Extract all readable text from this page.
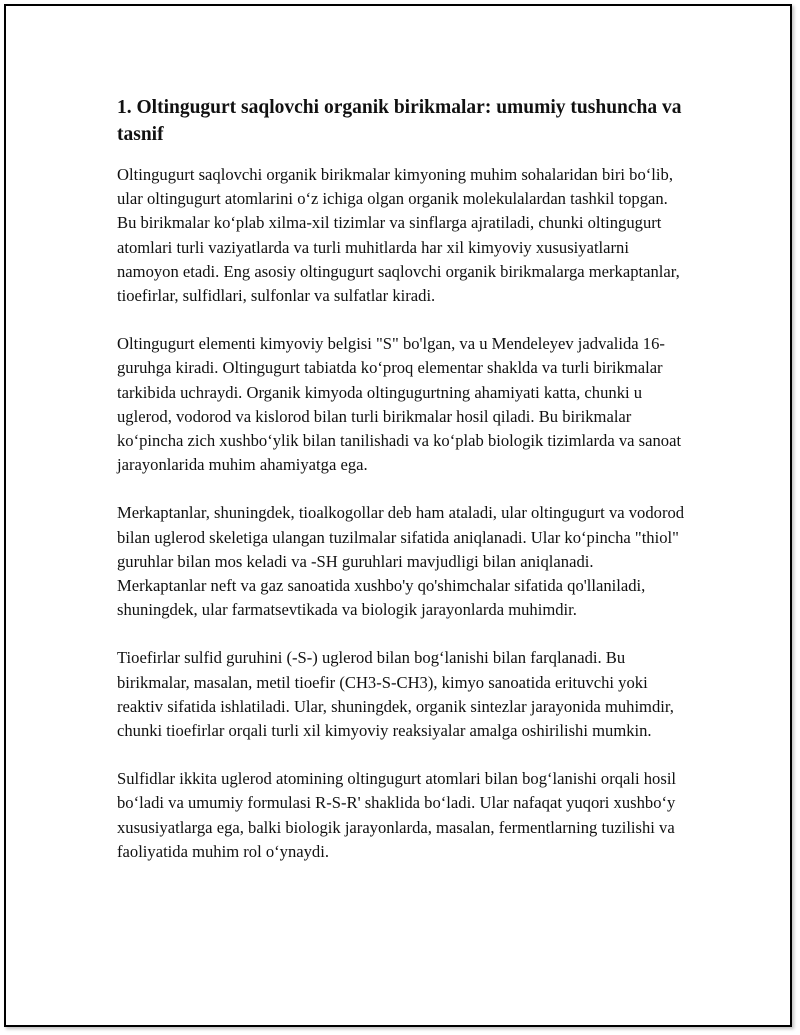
1. Oltingugurt saqlovchi organik birikmalar: umumiy tushuncha va tasnif

Oltingugurt saqlovchi organik birikmalar kimyoning muhim sohalaridan biri bo‘lib, ular oltingugurt atomlarini o‘z ichiga olgan organik molekulalardan tashkil topgan. Bu birikmalar ko‘plab xilma-xil tizimlar va sinflarga ajratiladi, chunki oltingugurt atomlari turli vaziyatlarda va turli muhitlarda har xil kimyoviy xususiyatlarni namoyon etadi. Eng asosiy oltingugurt saqlovchi organik birikmalarga merkaptanlar, tioefirlar, sulfidlari, sulfonlar va sulfatlar kiradi.

Oltingugurt elementi kimyoviy belgisi "S" bo'lgan, va u Mendeleyev jadvalida 16-guruhga kiradi. Oltingugurt tabiatda ko‘proq elementar shaklda va turli birikmalar tarkibida uchraydi. Organik kimyoda oltingugurtning ahamiyati katta, chunki u uglerod, vodorod va kislorod bilan turli birikmalar hosil qiladi. Bu birikmalar ko‘pincha zich xushbo‘ylik bilan tanilishadi va ko‘plab biologik tizimlarda va sanoat jarayonlarida muhim ahamiyatga ega.

Merkaptanlar, shuningdek, tioalkogollar deb ham ataladi, ular oltingugurt va vodorod bilan uglerod skeletiga ulangan tuzilmalar sifatida aniqlanadi. Ular ko‘pincha "thiol" guruhlar bilan mos keladi va -SH guruhlari mavjudligi bilan aniqlanadi. Merkaptanlar neft va gaz sanoatida xushbo'y qo'shimchalar sifatida qo'llaniladi, shuningdek, ular farmatsevtikada va biologik jarayonlarda muhimdir.

Tioefirlar sulfid guruhini (-S-) uglerod bilan bog‘lanishi bilan farqlanadi. Bu birikmalar, masalan, metil tioefir (CH3-S-CH3), kimyo sanoatida erituvchi yoki reaktiv sifatida ishlatiladi. Ular, shuningdek, organik sintezlar jarayonida muhimdir, chunki tioefirlar orqali turli xil kimyoviy reaksiyalar amalga oshirilishi mumkin.

Sulfidlar ikkita uglerod atomining oltingugurt atomlari bilan bog‘lanishi orqali hosil bo‘ladi va umumiy formulasi R-S-R' shaklida bo‘ladi. Ular nafaqat yuqori xushbo‘y xususiyatlarga ega, balki biologik jarayonlarda, masalan, fermentlarning tuzilishi va faoliyatida muhim rol o‘ynaydi.
